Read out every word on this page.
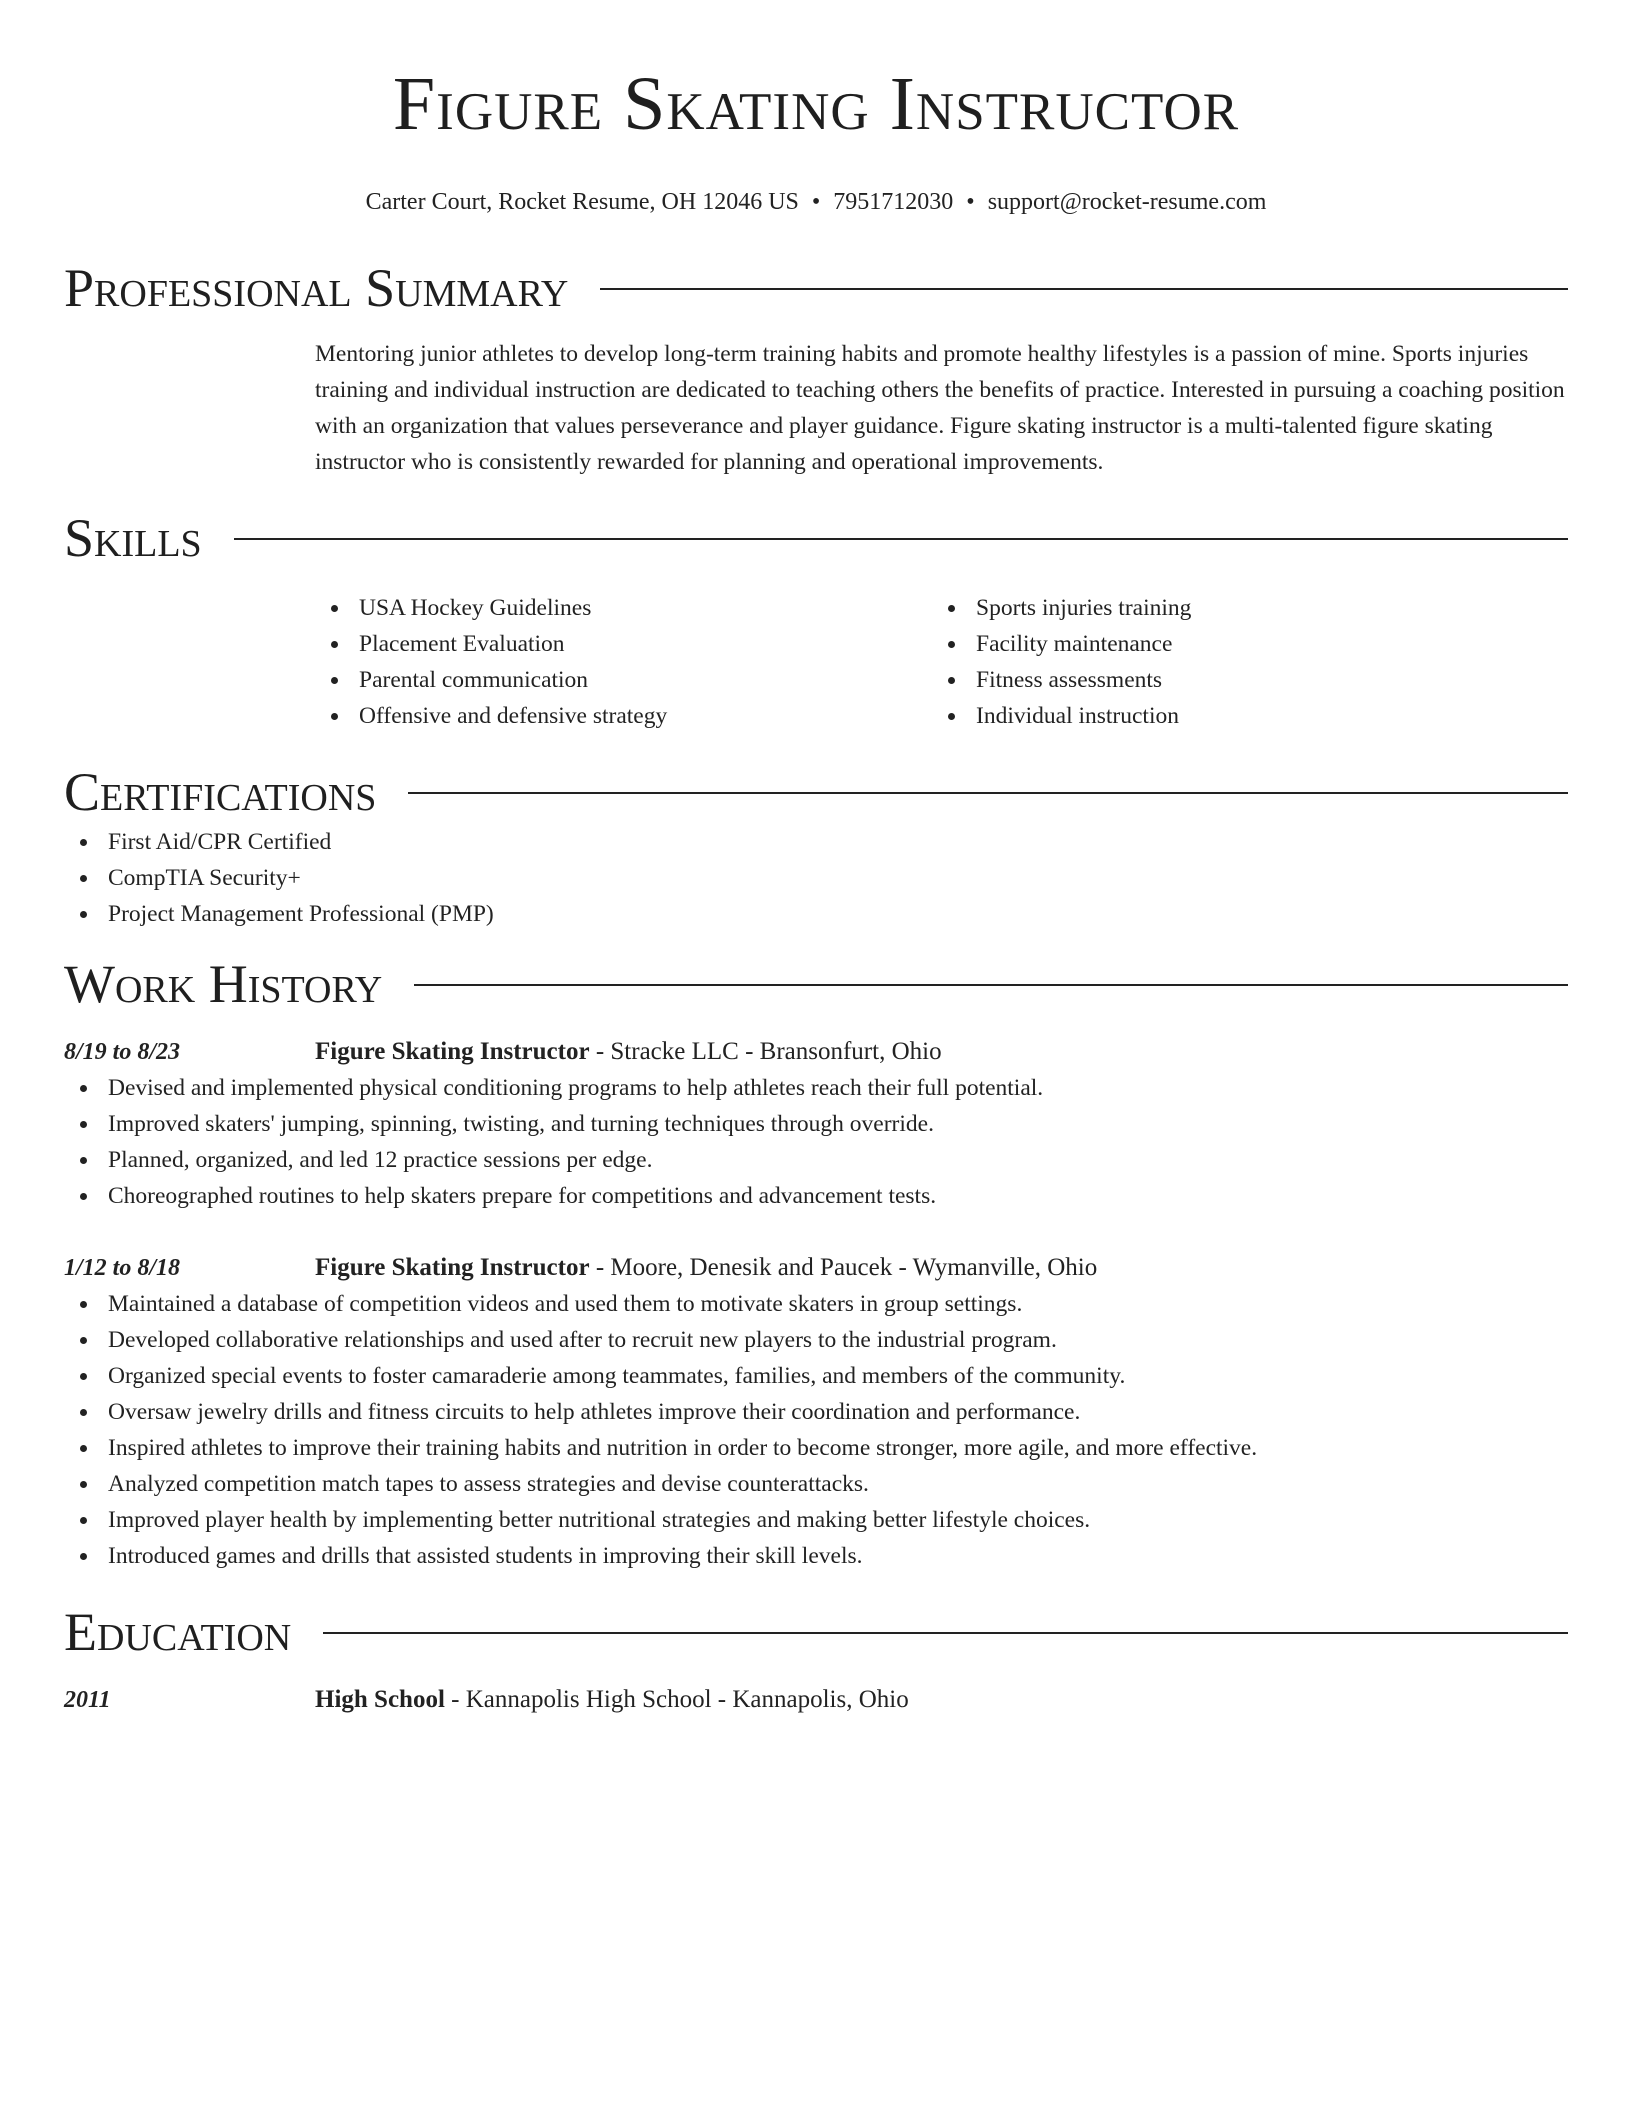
Figure Skating Instructor
Carter Court, Rocket Resume, OH 12046 US • 7951712030 • support@rocket-resume.com
Professional Summary
Mentoring junior athletes to develop long-term training habits and promote healthy lifestyles is a passion of mine. Sports injuries training and individual instruction are dedicated to teaching others the benefits of practice. Interested in pursuing a coaching position with an organization that values perseverance and player guidance. Figure skating instructor is a multi-talented figure skating instructor who is consistently rewarded for planning and operational improvements.
Skills
USA Hockey Guidelines
Placement Evaluation
Parental communication
Offensive and defensive strategy
Sports injuries training
Facility maintenance
Fitness assessments
Individual instruction
Certifications
First Aid/CPR Certified
CompTIA Security+
Project Management Professional (PMP)
Work History
8/19 to 8/23	Figure Skating Instructor - Stracke LLC - Bransonfurt, Ohio
Devised and implemented physical conditioning programs to help athletes reach their full potential.
Improved skaters' jumping, spinning, twisting, and turning techniques through override.
Planned, organized, and led 12 practice sessions per edge.
Choreographed routines to help skaters prepare for competitions and advancement tests.
1/12 to 8/18	Figure Skating Instructor - Moore, Denesik and Paucek - Wymanville, Ohio
Maintained a database of competition videos and used them to motivate skaters in group settings.
Developed collaborative relationships and used after to recruit new players to the industrial program.
Organized special events to foster camaraderie among teammates, families, and members of the community.
Oversaw jewelry drills and fitness circuits to help athletes improve their coordination and performance.
Inspired athletes to improve their training habits and nutrition in order to become stronger, more agile, and more effective.
Analyzed competition match tapes to assess strategies and devise counterattacks.
Improved player health by implementing better nutritional strategies and making better lifestyle choices.
Introduced games and drills that assisted students in improving their skill levels.
Education
2011	High School - Kannapolis High School - Kannapolis, Ohio
